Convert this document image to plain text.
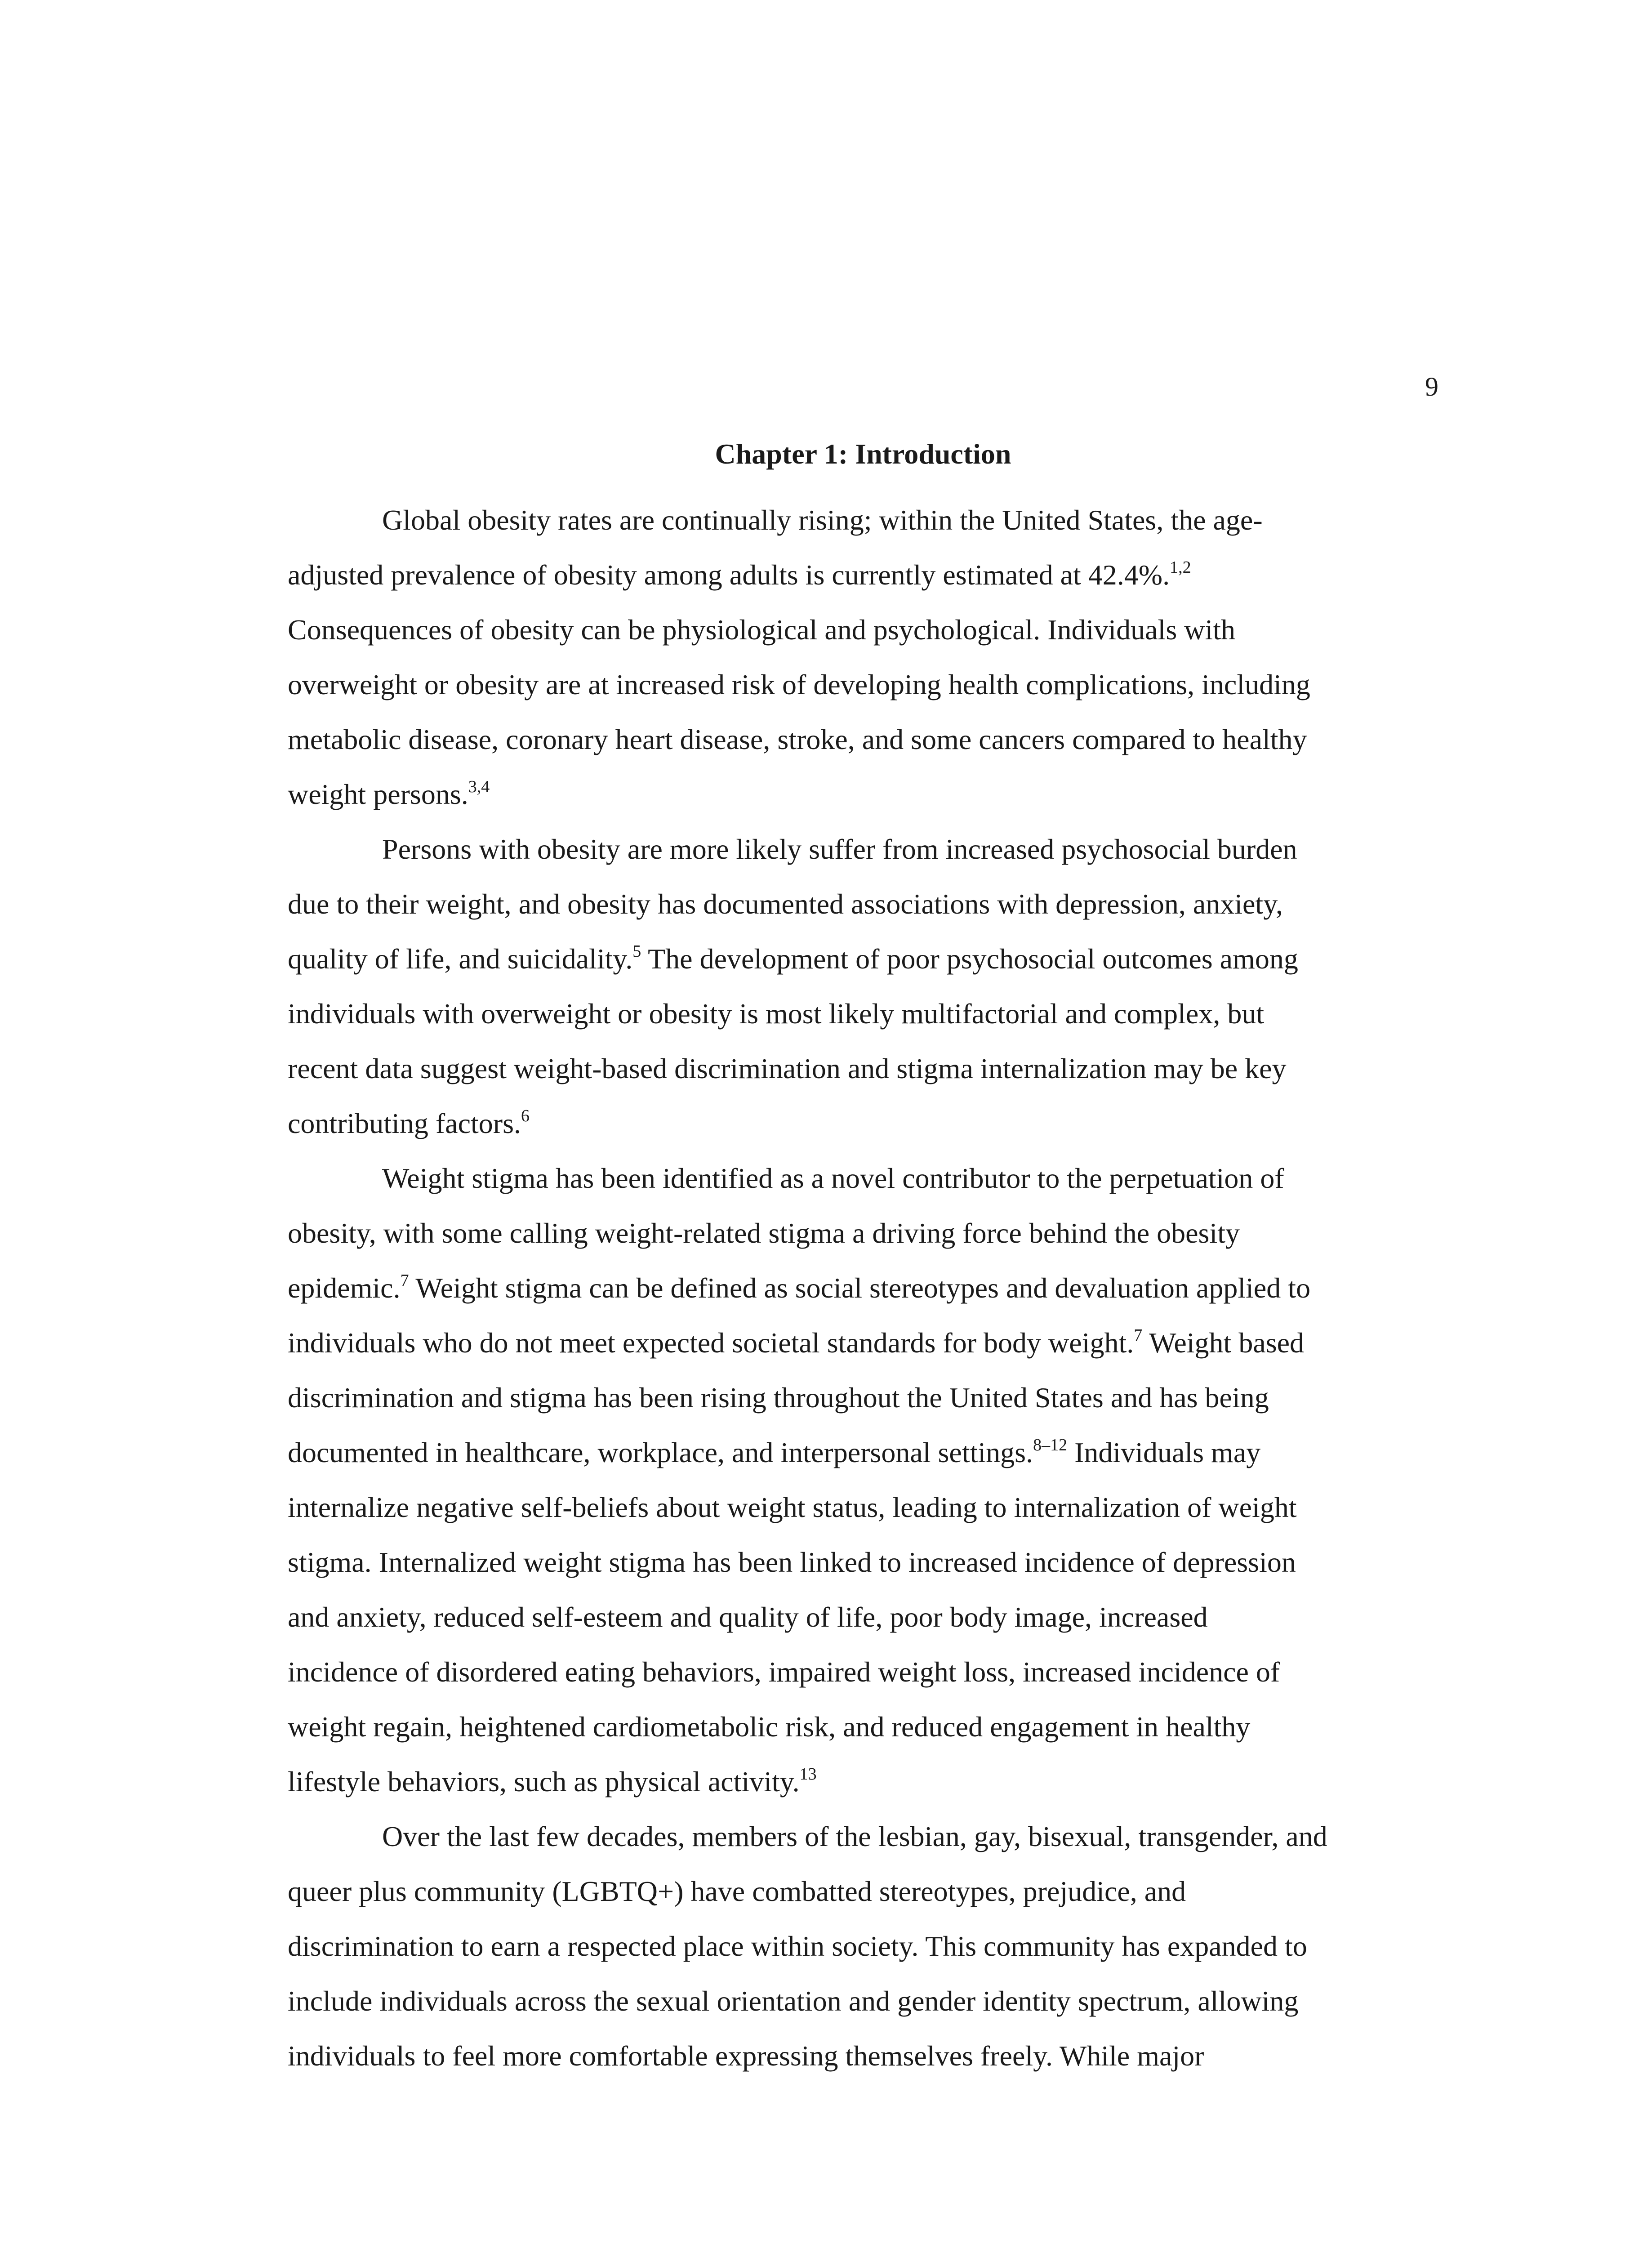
9
Chapter 1: Introduction

Global obesity rates are continually rising; within the United States, the age-
adjusted prevalence of obesity among adults is currently estimated at 42.4%.$^{1,2}$
Consequences of obesity can be physiological and psychological. Individuals with
overweight or obesity are at increased risk of developing health complications, including
metabolic disease, coronary heart disease, stroke, and some cancers compared to healthy
weight persons.$^{3,4}$

Persons with obesity are more likely suffer from increased psychosocial burden
due to their weight, and obesity has documented associations with depression, anxiety,
quality of life, and suicidality.$^5$ The development of poor psychosocial outcomes among
individuals with overweight or obesity is most likely multifactorial and complex, but
recent data suggest weight-based discrimination and stigma internalization may be key
contributing factors.$^6$

Weight stigma has been identified as a novel contributor to the perpetuation of
obesity, with some calling weight-related stigma a driving force behind the obesity
epidemic.$^7$ Weight stigma can be defined as social stereotypes and devaluation applied to
individuals who do not meet expected societal standards for body weight.$^7$ Weight based
discrimination and stigma has been rising throughout the United States and has being
documented in healthcare, workplace, and interpersonal settings.$^{8-12}$ Individuals may
internalize negative self-beliefs about weight status, leading to internalization of weight
stigma. Internalized weight stigma has been linked to increased incidence of depression
and anxiety, reduced self-esteem and quality of life, poor body image, increased
incidence of disordered eating behaviors, impaired weight loss, increased incidence of
weight regain, heightened cardiometabolic risk, and reduced engagement in healthy
lifestyle behaviors, such as physical activity.$^{13}$

Over the last few decades, members of the lesbian, gay, bisexual, transgender, and
queer plus community (LGBTQ+) have combatted stereotypes, prejudice, and
discrimination to earn a respected place within society. This community has expanded to
include individuals across the sexual orientation and gender identity spectrum, allowing
individuals to feel more comfortable expressing themselves freely. While major
